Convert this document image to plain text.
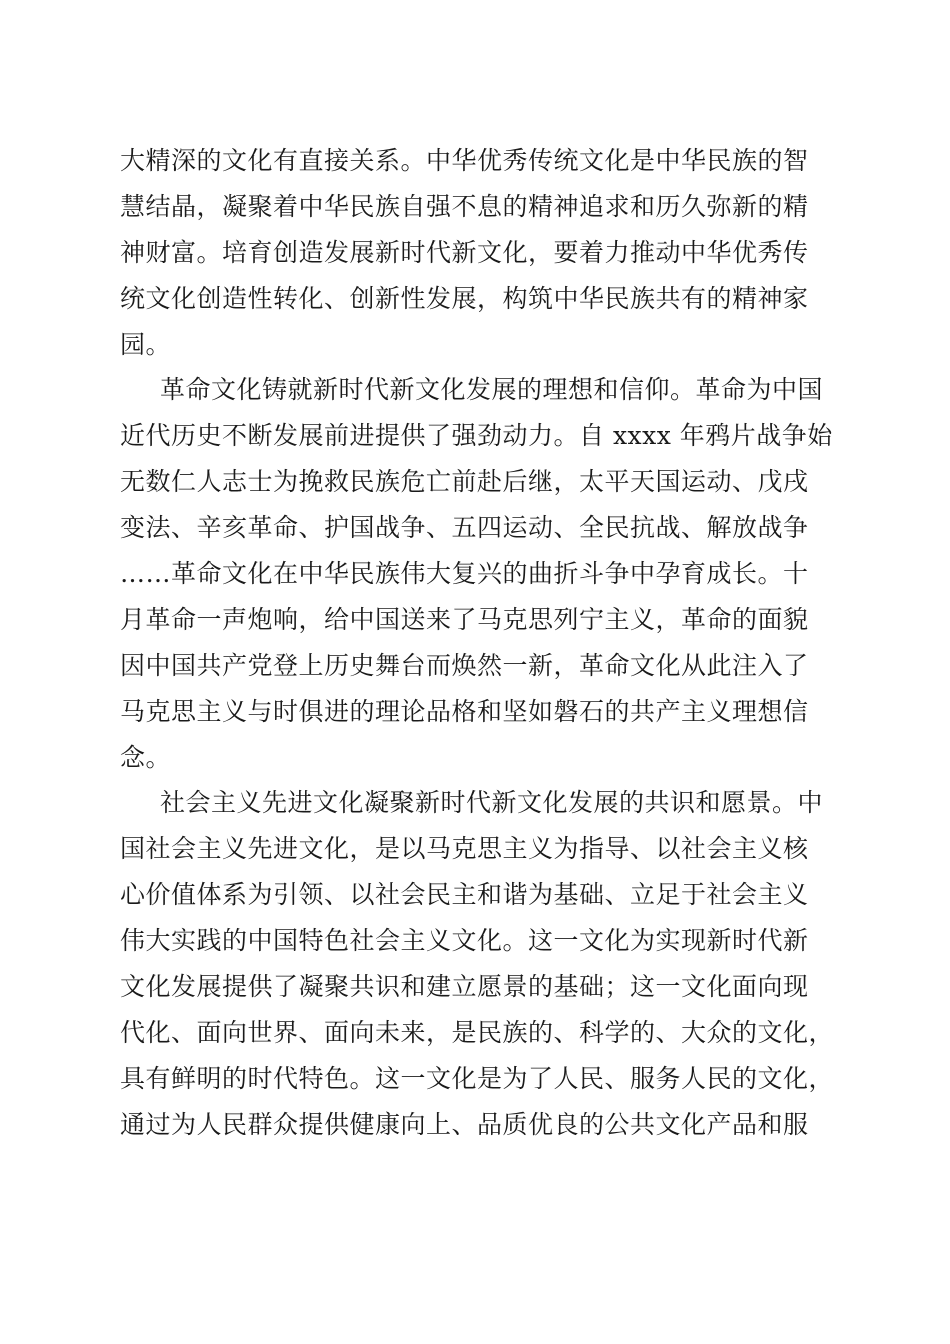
大精深的文化有直接关系。中华优秀传统文化是中华民族的智
慧结晶，凝聚着中华民族自强不息的精神追求和历久弥新的精
神财富。培育创造发展新时代新文化，要着力推动中华优秀传
统文化创造性转化、创新性发展，构筑中华民族共有的精神家
园。
革命文化铸就新时代新文化发展的理想和信仰。革命为中国
近代历史不断发展前进提供了强劲动力。自 xxxx 年鸦片战争始
无数仁人志士为挽救民族危亡前赴后继，太平天国运动、戊戌
变法、辛亥革命、护国战争、五四运动、全民抗战、解放战争
……革命文化在中华民族伟大复兴的曲折斗争中孕育成长。十
月革命一声炮响，给中国送来了马克思列宁主义，革命的面貌
因中国共产党登上历史舞台而焕然一新，革命文化从此注入了
马克思主义与时俱进的理论品格和坚如磐石的共产主义理想信
念。
社会主义先进文化凝聚新时代新文化发展的共识和愿景。中
国社会主义先进文化，是以马克思主义为指导、以社会主义核
心价值体系为引领、以社会民主和谐为基础、立足于社会主义
伟大实践的中国特色社会主义文化。这一文化为实现新时代新
文化发展提供了凝聚共识和建立愿景的基础；这一文化面向现
代化、面向世界、面向未来，是民族的、科学的、大众的文化，
具有鲜明的时代特色。这一文化是为了人民、服务人民的文化，
通过为人民群众提供健康向上、品质优良的公共文化产品和服
